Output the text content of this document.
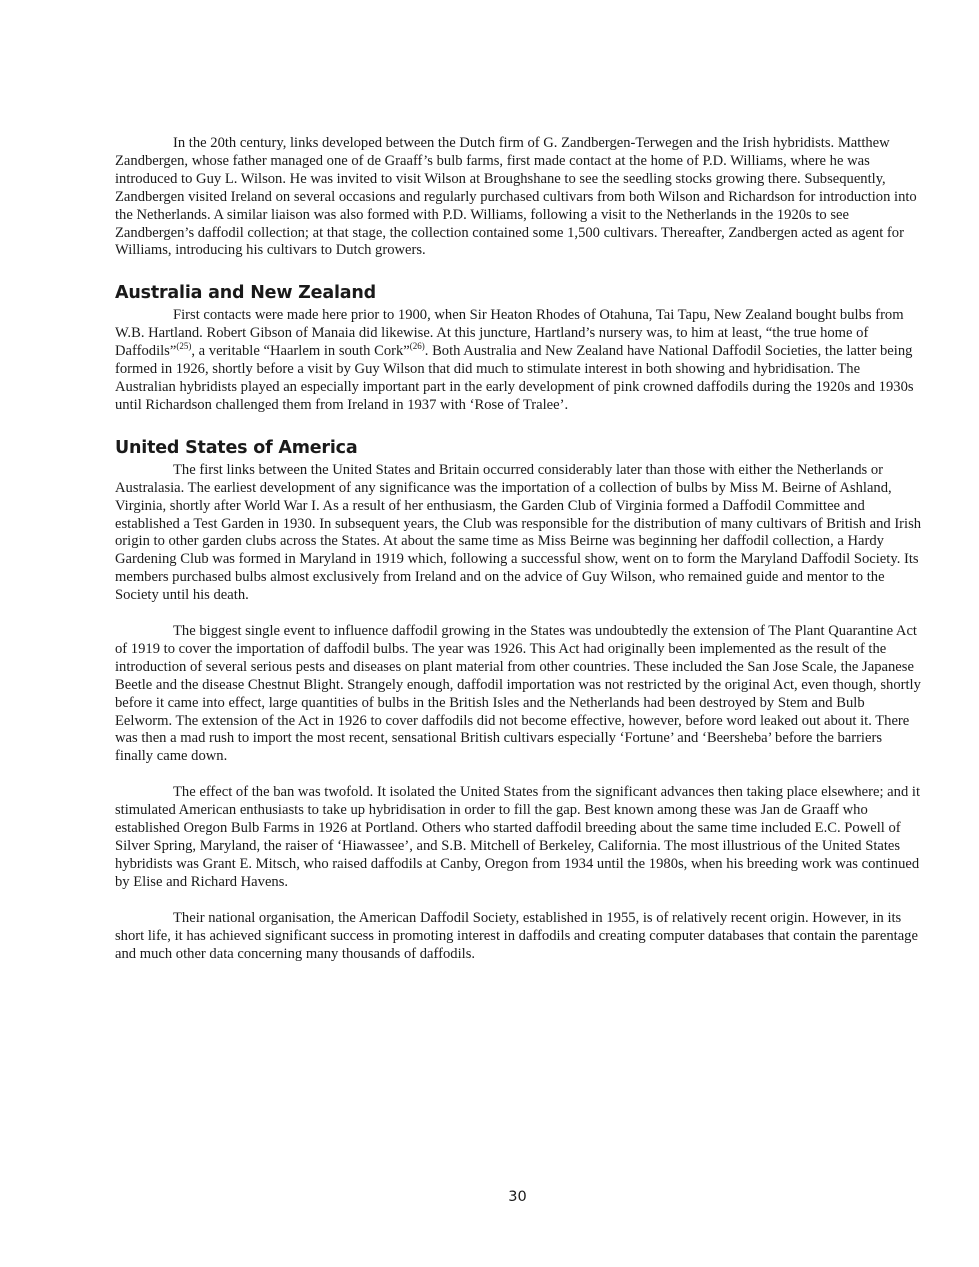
In the 20th century, links developed between the Dutch firm of G. Zandbergen-Terwegen and the Irish hybridists. Matthew Zandbergen, whose father managed one of de Graaff’s bulb farms, first made contact at the home of P.D. Williams, where he was introduced to Guy L. Wilson. He was invited to visit Wilson at Broughshane to see the seedling stocks growing there. Subsequently, Zandbergen visited Ireland on several occasions and regularly purchased cultivars from both Wilson and Richardson for introduction into the Netherlands. A similar liaison was also formed with P.D. Williams, following a visit to the Netherlands in the 1920s to see Zandbergen’s daffodil collection; at that stage, the collection contained some 1,500 cultivars. Thereafter, Zandbergen acted as agent for Williams, introducing his cultivars to Dutch growers.

Australia and New Zealand

First contacts were made here prior to 1900, when Sir Heaton Rhodes of Otahuna, Tai Tapu, New Zealand bought bulbs from W.B. Hartland. Robert Gibson of Manaia did likewise. At this juncture, Hartland’s nursery was, to him at least, “the true home of Daffodils”$^{(25)}$, a veritable “Haarlem in south Cork”$^{(26)}$. Both Australia and New Zealand have National Daffodil Societies, the latter being formed in 1926, shortly before a visit by Guy Wilson that did much to stimulate interest in both showing and hybridisation. The Australian hybridists played an especially important part in the early development of pink crowned daffodils during the 1920s and 1930s until Richardson challenged them from Ireland in 1937 with ‘Rose of Tralee’.

United States of America

The first links between the United States and Britain occurred considerably later than those with either the Netherlands or Australasia. The earliest development of any significance was the importation of a collection of bulbs by Miss M. Beirne of Ashland, Virginia, shortly after World War I. As a result of her enthusiasm, the Garden Club of Virginia formed a Daffodil Committee and established a Test Garden in 1930. In subsequent years, the Club was responsible for the distribution of many cultivars of British and Irish origin to other garden clubs across the States. At about the same time as Miss Beirne was beginning her daffodil collection, a Hardy Gardening Club was formed in Maryland in 1919 which, following a successful show, went on to form the Maryland Daffodil Society. Its members purchased bulbs almost exclusively from Ireland and on the advice of Guy Wilson, who remained guide and mentor to the Society until his death.

The biggest single event to influence daffodil growing in the States was undoubtedly the extension of The Plant Quarantine Act of 1919 to cover the importation of daffodil bulbs. The year was 1926. This Act had originally been implemented as the result of the introduction of several serious pests and diseases on plant material from other countries. These included the San Jose Scale, the Japanese Beetle and the disease Chestnut Blight. Strangely enough, daffodil importation was not restricted by the original Act, even though, shortly before it came into effect, large quantities of bulbs in the British Isles and the Netherlands had been destroyed by Stem and Bulb Eelworm. The extension of the Act in 1926 to cover daffodils did not become effective, however, before word leaked out about it. There was then a mad rush to import the most recent, sensational British cultivars especially ‘Fortune’ and ‘Beersheba’ before the barriers finally came down.

The effect of the ban was twofold. It isolated the United States from the significant advances then taking place elsewhere; and it stimulated American enthusiasts to take up hybridisation in order to fill the gap. Best known among these was Jan de Graaff who established Oregon Bulb Farms in 1926 at Portland. Others who started daffodil breeding about the same time included E.C. Powell of Silver Spring, Maryland, the raiser of ‘Hiawassee’, and S.B. Mitchell of Berkeley, California. The most illustrious of the United States hybridists was Grant E. Mitsch, who raised daffodils at Canby, Oregon from 1934 until the 1980s, when his breeding work was continued by Elise and Richard Havens.

Their national organisation, the American Daffodil Society, established in 1955, is of relatively recent origin. However, in its short life, it has achieved significant success in promoting interest in daffodils and creating computer databases that contain the parentage and much other data concerning many thousands of daffodils.

30
